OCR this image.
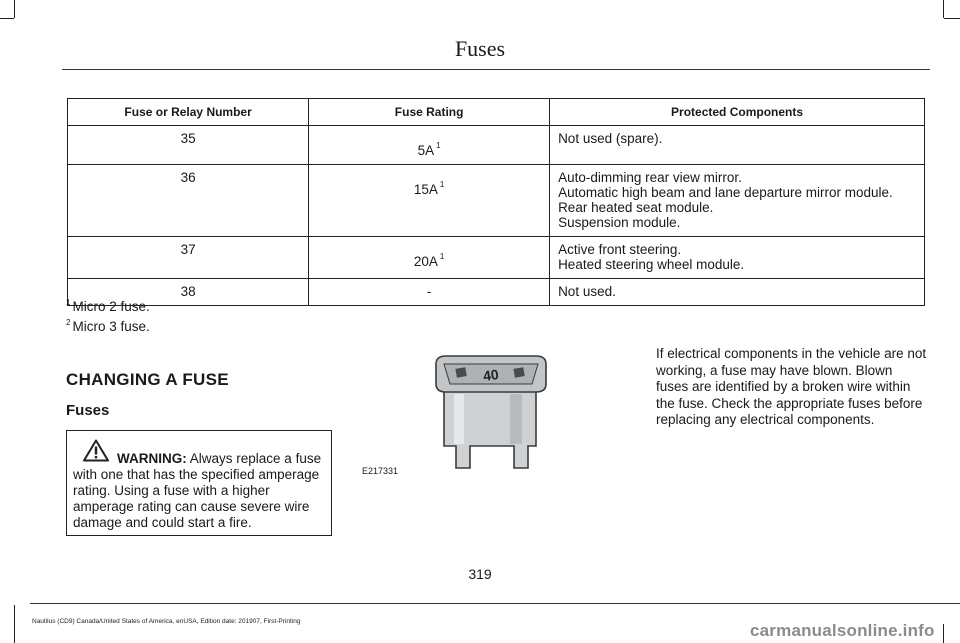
Fuses
Fuse or Relay Number	Fuse Rating	Protected Components
35	5A $^1$	Not used (spare).

36	15A $^1$	Auto-dimming rear view mirror.
Automatic high beam and lane departure mirror module.
Rear heated seat module.
Suspension module.

37	20A $^1$	Active front steering.
Heated steering wheel module.

38	-	Not used.
$^1$ Micro 2 fuse.
$^2$ Micro 3 fuse.
CHANGING A FUSE
Fuses
WARNING: Always replace a fuse with one that has the specified amperage rating. Using a fuse with a higher amperage rating can cause severe wire damage and could start a fire.
40
E217331
If electrical components in the vehicle are not working, a fuse may have blown. Blown fuses are identified by a broken wire within the fuse. Check the appropriate fuses before replacing any electrical components.
319
Nautilus (CD9) Canada/United States of America, enUSA, Edition date: 201907, First-Printing	carmanualsonline.info
